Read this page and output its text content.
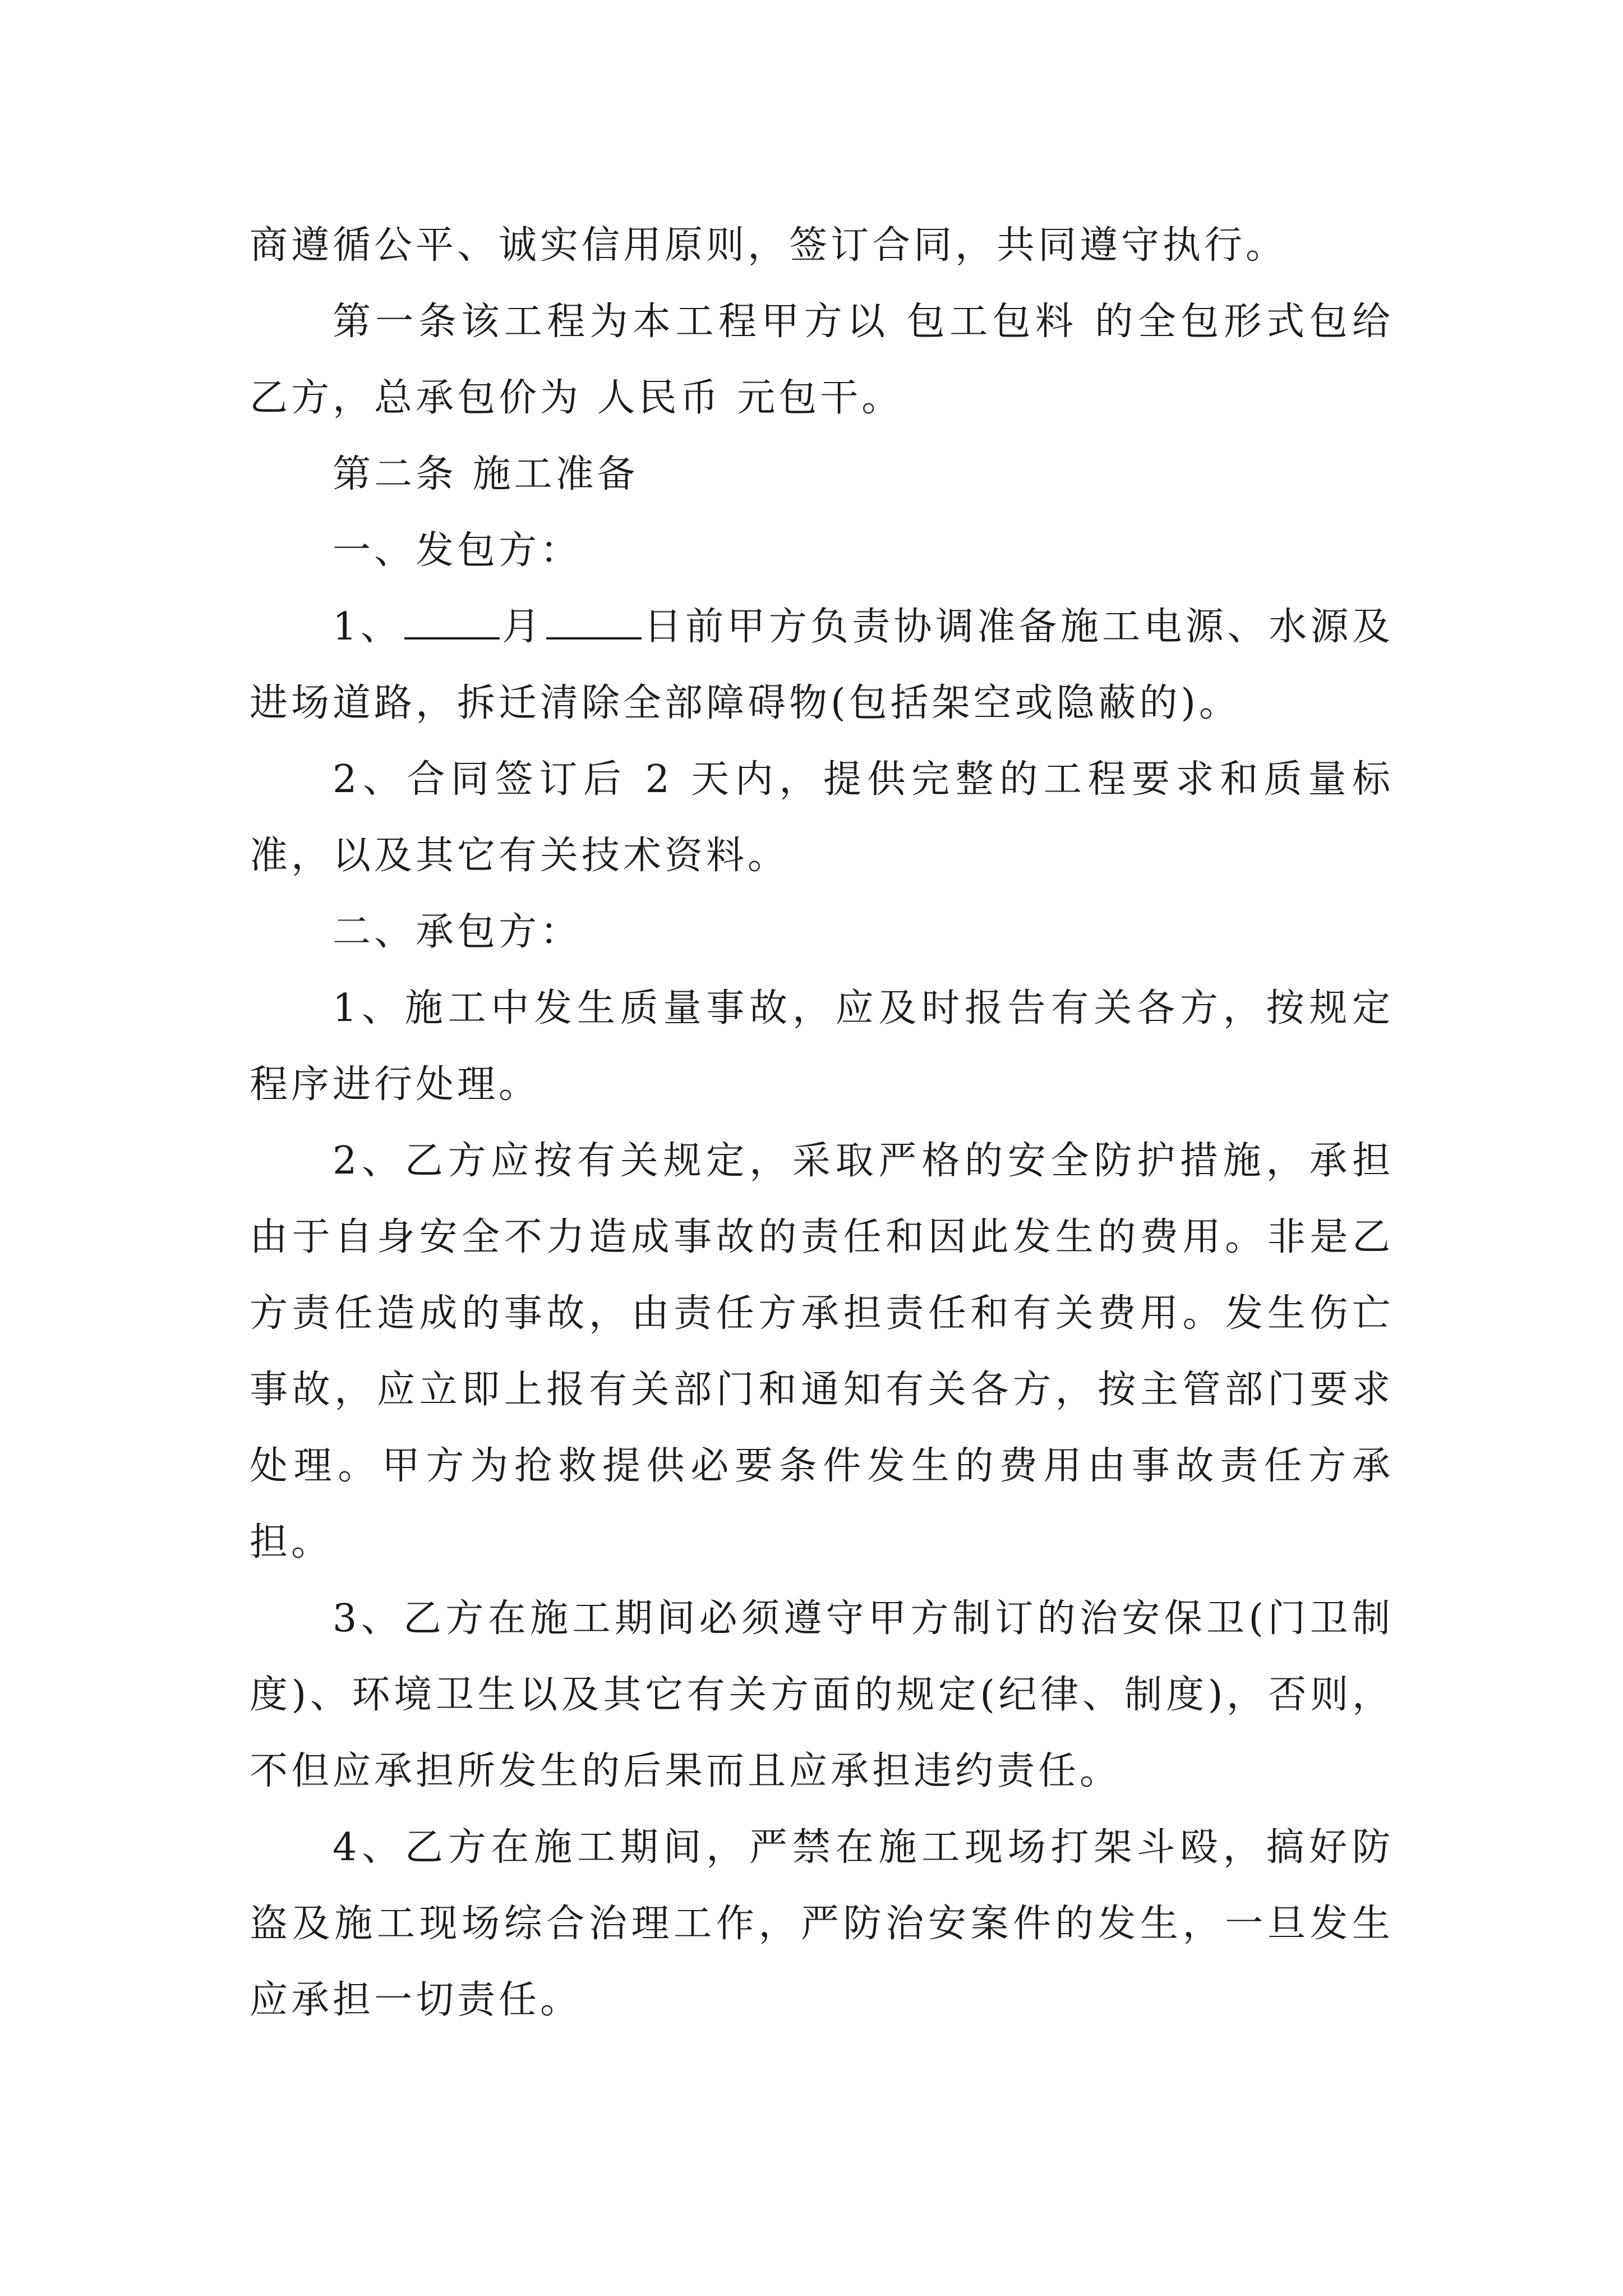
商遵循公平、诚实信用原则，签订合同，共同遵守执行。

第一条该工程为本工程甲方以 包工包料 的全包形式包给乙方，总承包价为 人民币 元包干。

第二条 施工准备

一、发包方：

1、	月	日前甲方负责协调准备施工电源、水源及进场道路，拆迁清除全部障碍物(包括架空或隐蔽的)。

2、合同签订后 2 天内，提供完整的工程要求和质量标准，以及其它有关技术资料。

二、承包方：

1、施工中发生质量事故，应及时报告有关各方，按规定程序进行处理。

2、乙方应按有关规定，采取严格的安全防护措施，承担由于自身安全不力造成事故的责任和因此发生的费用。非是乙方责任造成的事故，由责任方承担责任和有关费用。发生伤亡事故，应立即上报有关部门和通知有关各方，按主管部门要求处理。甲方为抢救提供必要条件发生的费用由事故责任方承担。

3、乙方在施工期间必须遵守甲方制订的治安保卫(门卫制度)、环境卫生以及其它有关方面的规定(纪律、制度)，否则，不但应承担所发生的后果而且应承担违约责任。

4、乙方在施工期间，严禁在施工现场打架斗殴，搞好防盗及施工现场综合治理工作，严防治安案件的发生，一旦发生应承担一切责任。
